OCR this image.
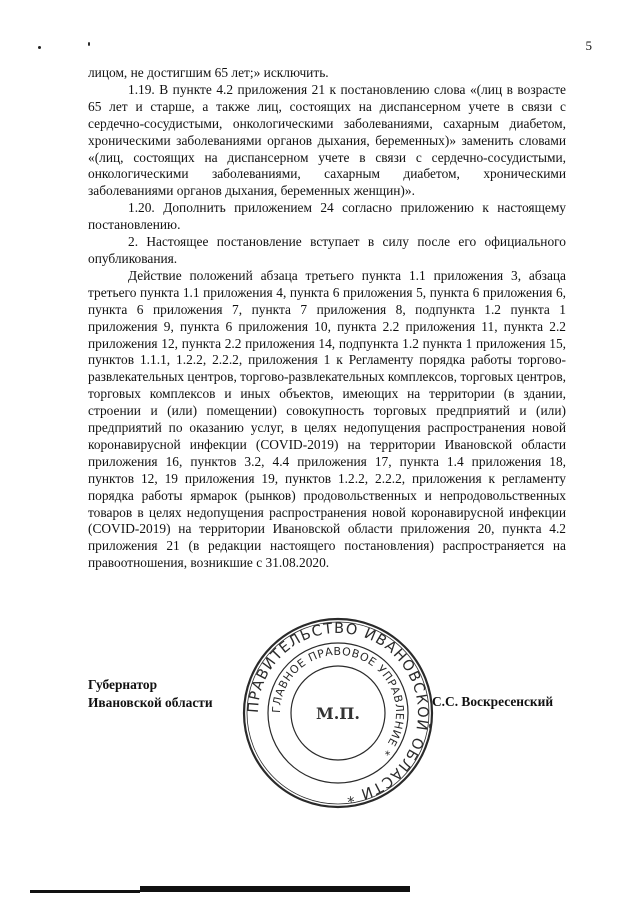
5

лицом, не достигшим 65 лет;» исключить.

1.19. В пункте 4.2 приложения 21 к постановлению слова «(лиц в возрасте 65 лет и старше, а также лиц, состоящих на диспансерном учете в связи с сердечно-сосудистыми, онкологическими заболеваниями, сахарным диабетом, хроническими заболеваниями органов дыхания, беременных)» заменить словами «(лиц, состоящих на диспансерном учете в связи с сердечно-сосудистыми, онкологическими заболеваниями, сахарным диабетом, хроническими заболеваниями органов дыхания, беременных женщин)».

1.20. Дополнить приложением 24 согласно приложению к настоящему постановлению.

2. Настоящее постановление вступает в силу после его официального опубликования.

Действие положений абзаца третьего пункта 1.1 приложения 3, абзаца третьего пункта 1.1 приложения 4, пункта 6 приложения 5, пункта 6 приложения 6, пункта 6 приложения 7, пункта 7 приложения 8, подпункта 1.2 пункта 1 приложения 9, пункта 6 приложения 10, пункта 2.2 приложения 11, пункта 2.2 приложения 12, пункта 2.2 приложения 14, подпункта 1.2 пункта 1 приложения 15, пунктов 1.1.1, 1.2.2, 2.2.2, приложения 1 к Регламенту порядка работы торгово-развлекательных центров, торгово-развлекательных комплексов, торговых центров, торговых комплексов и иных объектов, имеющих на территории (в здании, строении и (или) помещении) совокупность торговых предприятий и (или) предприятий по оказанию услуг, в целях недопущения распространения новой коронавирусной инфекции (COVID-2019) на территории Ивановской области приложения 16, пунктов 3.2, 4.4 приложения 17, пункта 1.4 приложения 18, пунктов 12, 19 приложения 19, пунктов 1.2.2, 2.2.2, приложения к регламенту порядка работы ярмарок (рынков) продовольственных и непродовольственных товаров в целях недопущения распространения новой коронавирусной инфекции (COVID-2019) на территории Ивановской области приложения 20, пункта 4.2 приложения 21 (в редакции настоящего постановления) распространяется на правоотношения, возникшие с 31.08.2020.

Губернатор
Ивановской области	С.С. Воскресенский
ПРАВИТЕЛЬСТВО ИВАНОВСКОЙ ОБЛАСТИ *
ГЛАВНОЕ ПРАВОВОЕ УПРАВЛЕНИЕ *
М.П.
